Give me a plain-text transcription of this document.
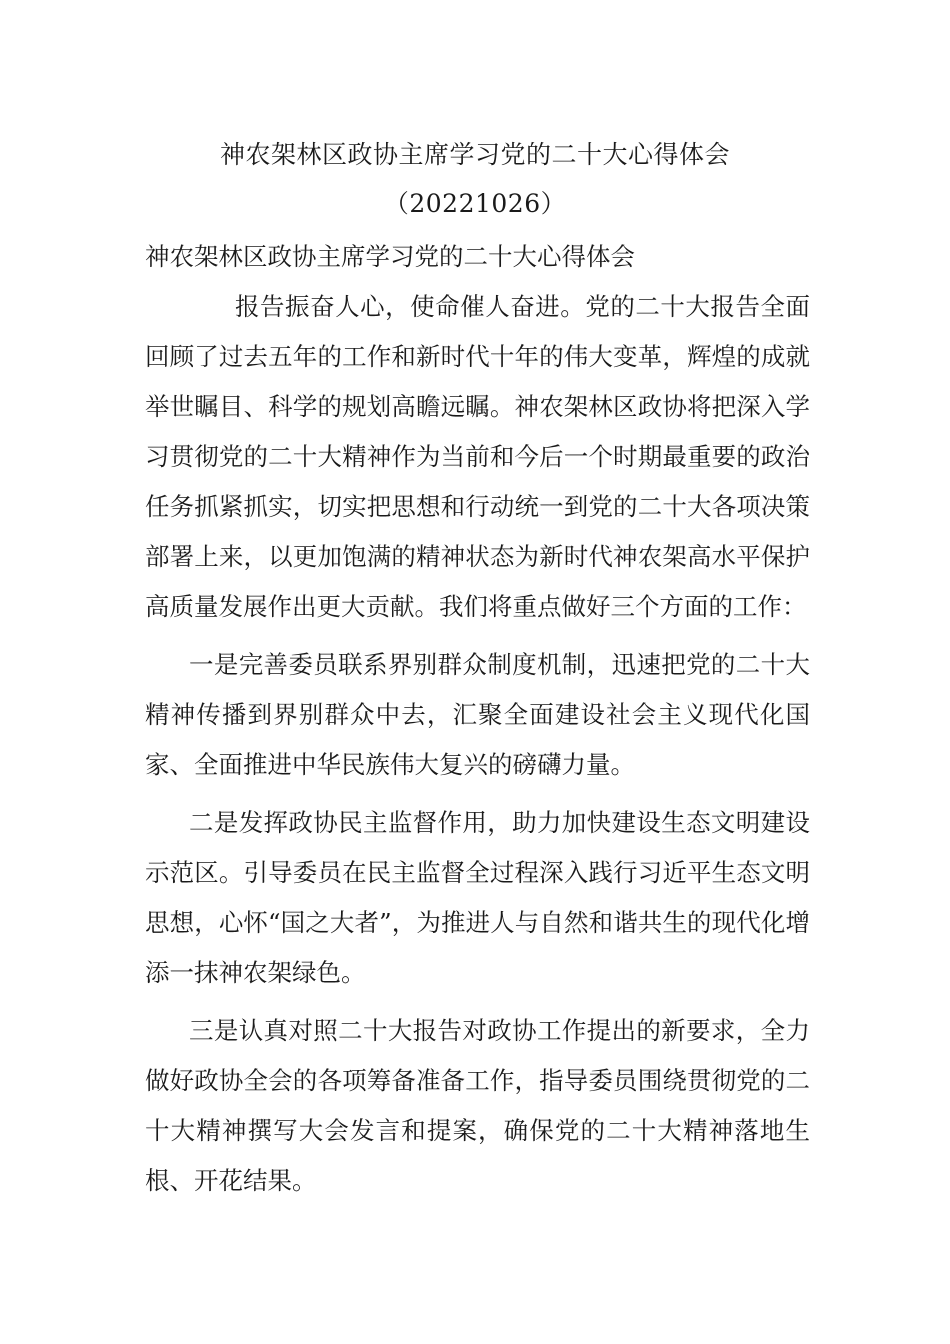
神农架林区政协主席学习党的二十大心得体会
（20221026）

神农架林区政协主席学习党的二十大心得体会

报告振奋人心，使命催人奋进。党的二十大报告全面回顾了过去五年的工作和新时代十年的伟大变革，辉煌的成就举世瞩目、科学的规划高瞻远瞩。神农架林区政协将把深入学习贯彻党的二十大精神作为当前和今后一个时期最重要的政治任务抓紧抓实，切实把思想和行动统一到党的二十大各项决策部署上来，以更加饱满的精神状态为新时代神农架高水平保护高质量发展作出更大贡献。我们将重点做好三个方面的工作：

一是完善委员联系界别群众制度机制，迅速把党的二十大精神传播到界别群众中去，汇聚全面建设社会主义现代化国家、全面推进中华民族伟大复兴的磅礴力量。

二是发挥政协民主监督作用，助力加快建设生态文明建设示范区。引导委员在民主监督全过程深入践行习近平生态文明思想，心怀“国之大者”，为推进人与自然和谐共生的现代化增添一抹神农架绿色。

三是认真对照二十大报告对政协工作提出的新要求，全力做好政协全会的各项筹备准备工作，指导委员围绕贯彻党的二十大精神撰写大会发言和提案，确保党的二十大精神落地生根、开花结果。
